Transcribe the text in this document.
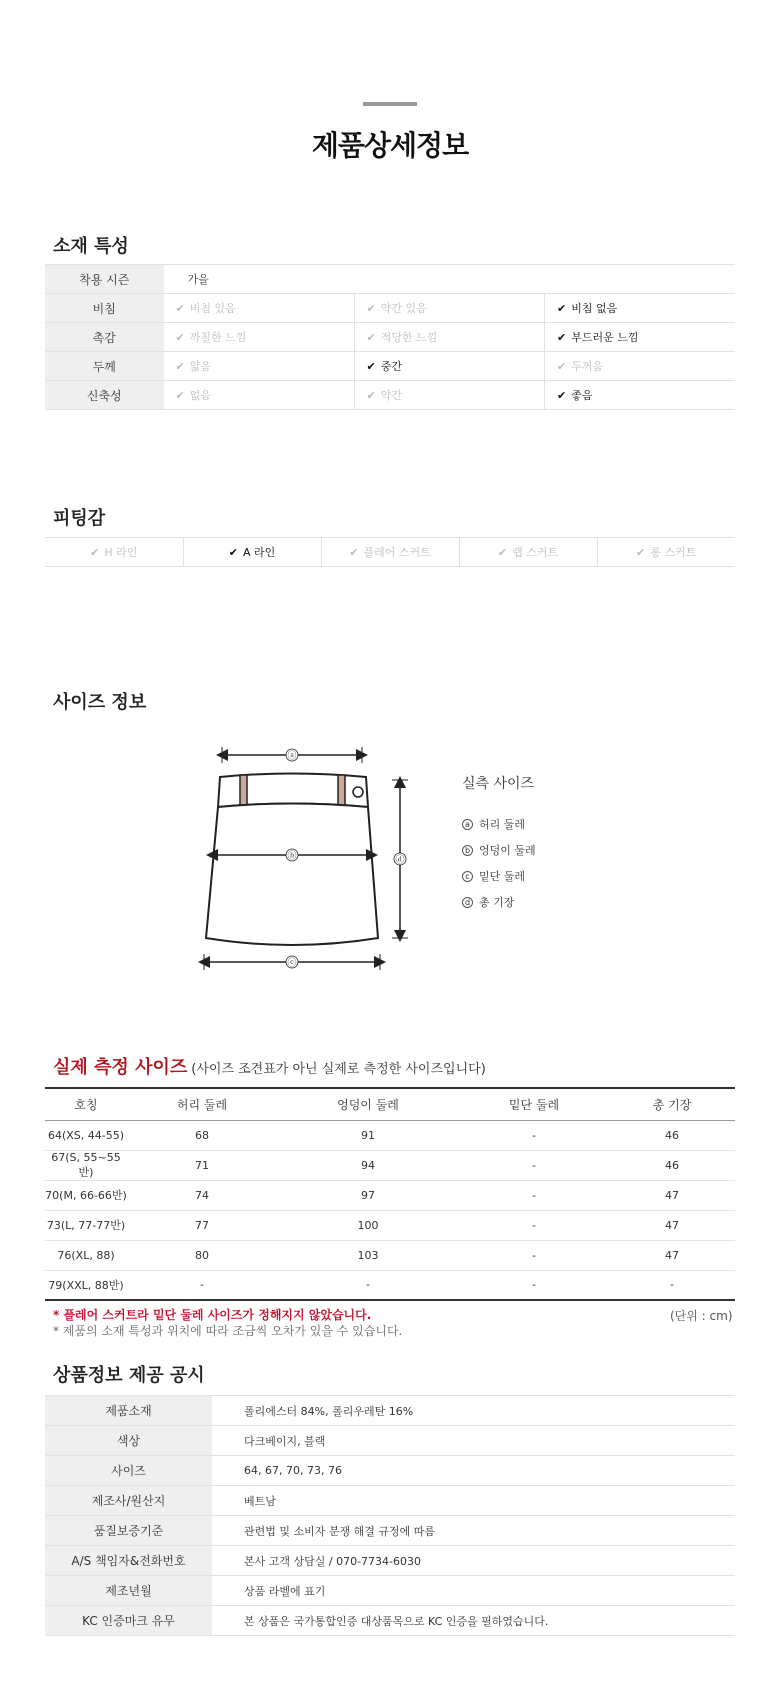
제품상세정보
소재 특성
착용 시즌	가을		
비침	✔ 비침 있음	✔ 약간 있음	✔ 비침 없음
촉감	✔ 까칠한 느낌	✔ 적당한 느낌	✔ 부드러운 느낌
두께	✔ 얇음	✔ 중간	✔ 두꺼움
신축성	✔ 없음	✔ 약간	✔ 좋음
피팅감
✔ H 라인	✔ A 라인	✔ 플레어 스커트	✔ 랩 스커트	✔ 롱 스커트
사이즈 정보
ⓐ
ⓑ
ⓒ
ⓓ
실측 사이즈
a 허리 둘레
b 엉덩이 둘레
c 밑단 둘레
d 총 기장
실제 측정 사이즈 (사이즈 조견표가 아닌 실제로 측정한 사이즈입니다)
호칭	허리 둘레	엉덩이 둘레	밑단 둘레	총 기장
64(XS, 44-55)	68	91	-	46
67(S, 55~55반)	71	94	-	46
70(M, 66-66반)	74	97	-	47
73(L, 77-77반)	77	100	-	47
76(XL, 88)	80	103	-	47
79(XXL, 88반)	-	-	-	-
* 플레어 스커트라 밑단 둘레 사이즈가 정해지지 않았습니다.
* 제품의 소재 특성과 위치에 따라 조금씩 오차가 있을 수 있습니다.
(단위 : cm)
상품정보 제공 공시
제품소재	폴리에스터 84%, 폴리우레탄 16%
색상	다크베이지, 블랙
사이즈	64, 67, 70, 73, 76
제조사/원산지	베트남
품질보증기준	관련법 및 소비자 분쟁 해결 규정에 따름
A/S 책임자&전화번호	본사 고객 상담실 / 070-7734-6030
제조년월	상품 라벨에 표기
KC 인증마크 유무	본 상품은 국가통합인증 대상품목으로 KC 인증을 필하였습니다.
